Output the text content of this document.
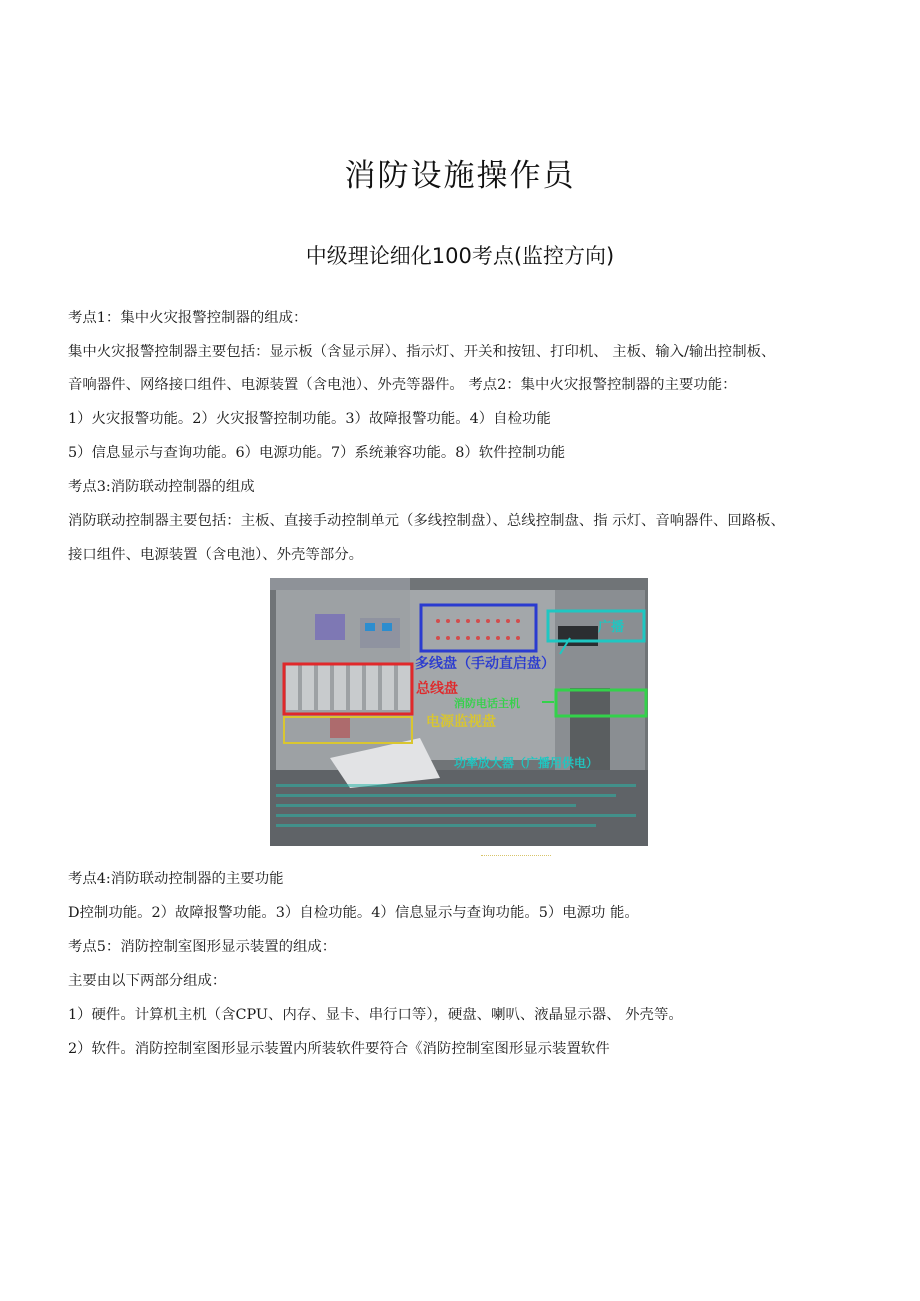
消防设施操作员
中级理论细化100考点(监控方向)
考点1：集中火灾报警控制器的组成：
集中火灾报警控制器主要包括：显示板（含显示屏）、指示灯、开关和按钮、打印机、 主板、输入/输出控制板、
音响器件、网络接口组件、电源装置（含电池）、外壳等器件。 考点2：集中火灾报警控制器的主要功能：
1）火灾报警功能。2）火灾报警控制功能。3）故障报警功能。4）自检功能
5）信息显示与查询功能。6）电源功能。7）系统兼容功能。8）软件控制功能
考点3:消防联动控制器的组成
消防联动控制器主要包括：主板、直接手动控制单元（多线控制盘）、总线控制盘、指 示灯、音响器件、回路板、
接口组件、电源装置（含电池）、外壳等部分。
多线盘（手动直启盘）
总线盘
电源监视盘
广播
消防电话主机
功率放大器（广播用供电）
考点4:消防联动控制器的主要功能
D控制功能。2）故障报警功能。3）自检功能。4）信息显示与查询功能。5）电源功 能。
考点5：消防控制室图形显示装置的组成：
主要由以下两部分组成：
1）硬件。计算机主机（含CPU、内存、显卡、串行口等），硬盘、喇叭、液晶显示器、 外壳等。
2）软件。消防控制室图形显示装置内所装软件要符合《消防控制室图形显示装置软件
